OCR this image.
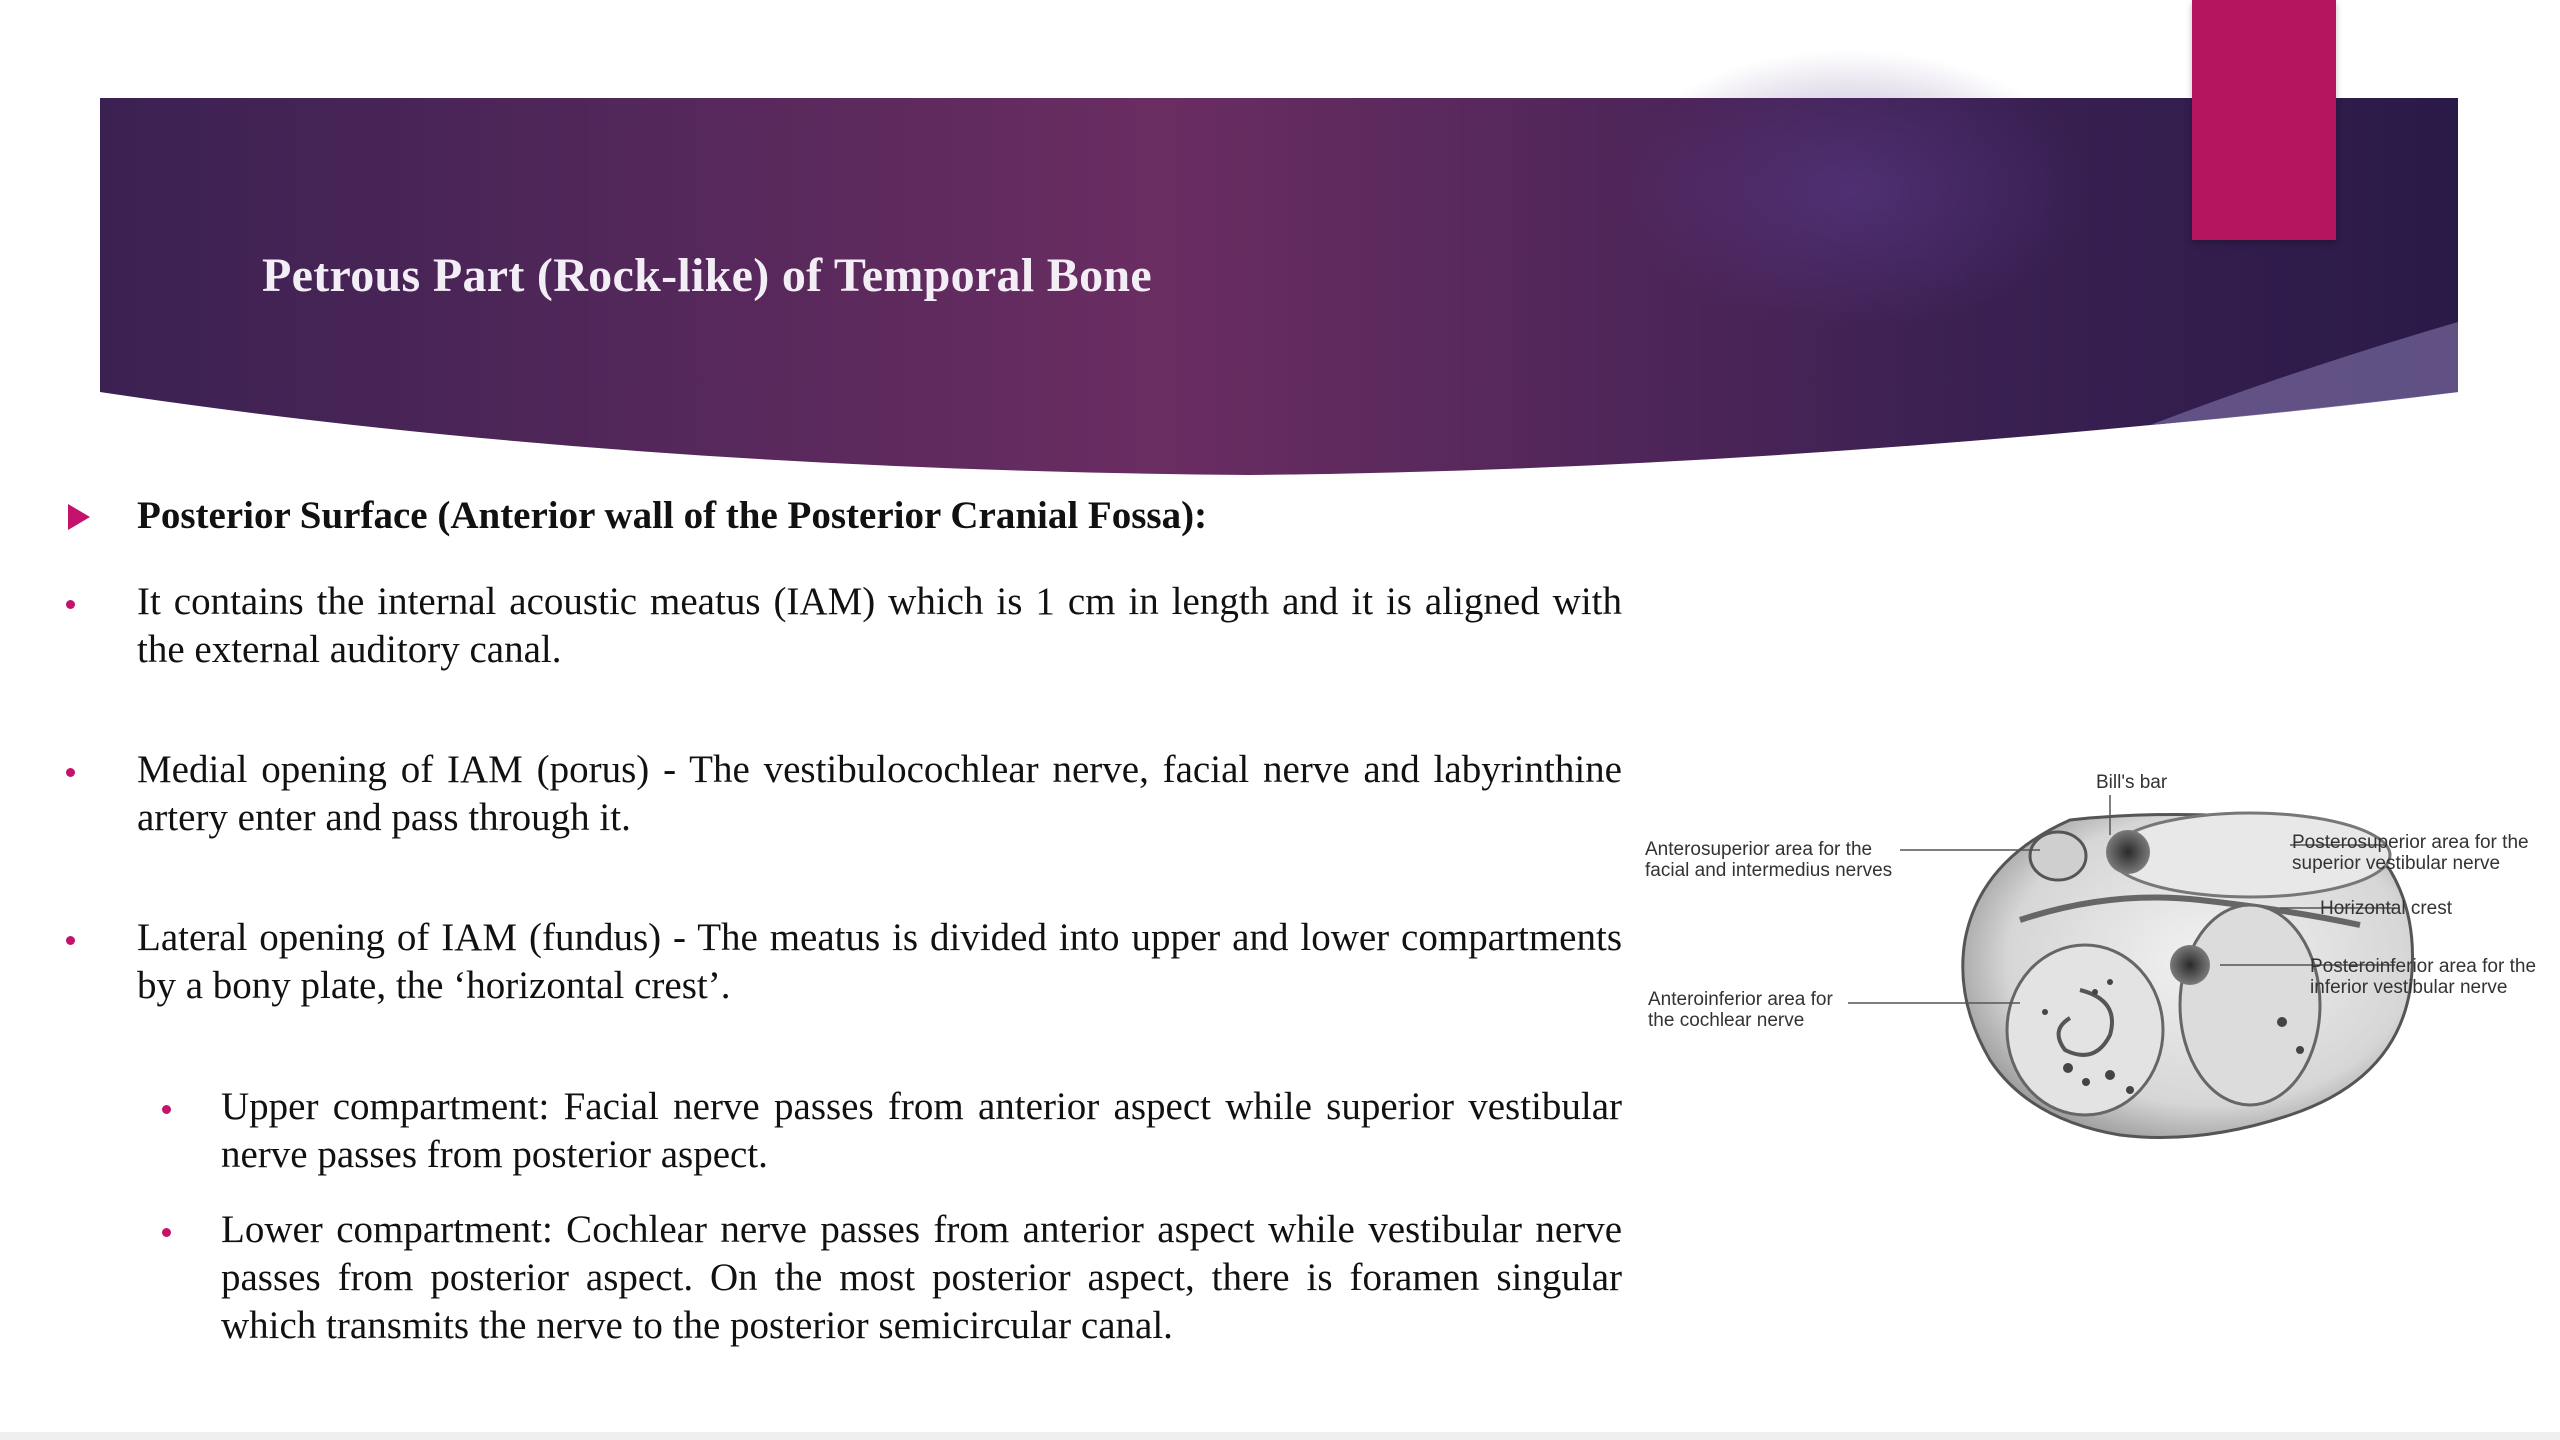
Petrous Part (Rock-like) of Temporal Bone
Posterior Surface (Anterior wall of the Posterior Cranial Fossa):
It contains the internal acoustic meatus (IAM) which is 1 cm in length and it is aligned with the external auditory canal.
Medial opening of IAM (porus) - The vestibulocochlear nerve, facial nerve and labyrinthine artery enter and pass through it.
Lateral opening of IAM (fundus) - The meatus is divided into upper and lower compartments by a bony plate, the ‘horizontal crest’.
Upper compartment: Facial nerve passes from anterior aspect while superior vestibular nerve passes from posterior aspect.
Lower compartment: Cochlear nerve passes from anterior aspect while vestibular nerve passes from posterior aspect. On the most posterior aspect, there is foramen singular which transmits the nerve to the posterior semicircular canal.
Bill's bar
Anterosuperior area for the
facial and intermedius nerves
Posterosuperior area for the
superior vestibular nerve
Horizontal crest
Posteroinferior area for the
inferior vestibular nerve
Anteroinferior area for
the cochlear nerve
